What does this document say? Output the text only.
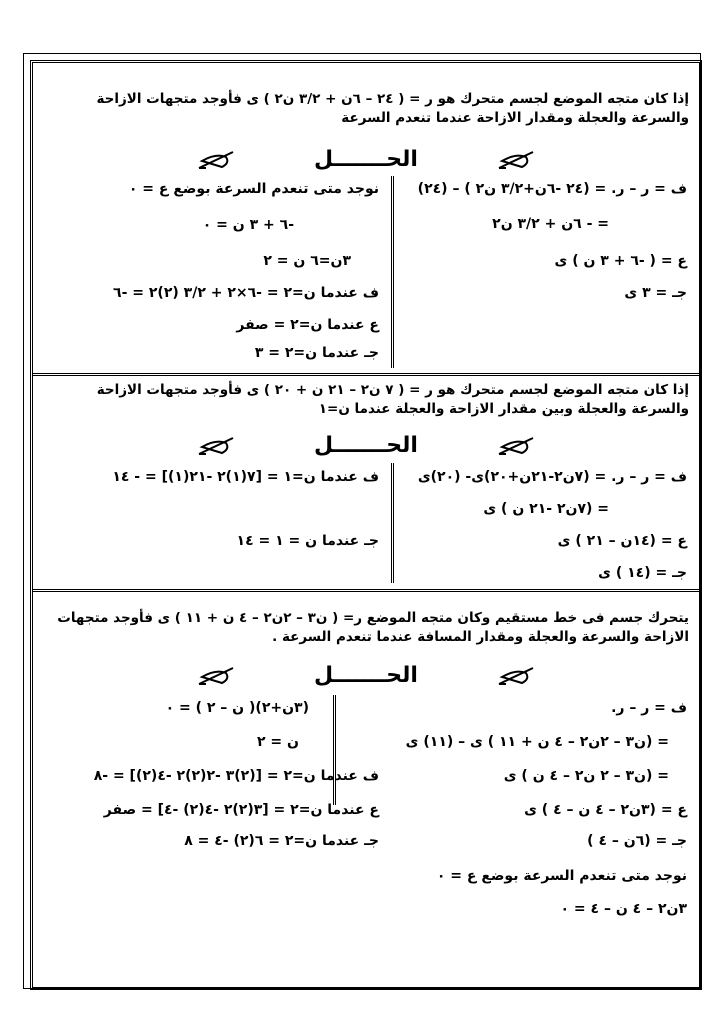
إذا كان متجه الموضع لجسم متحرك هو ر = ( ٢٤ – ٦ن + ٣/٢ ن٢ ) ى فأوجد متجهات الازاحة
والسرعة والعجلة ومقدار الازاحة عندما تنعدم السرعة
الحـــــــل
ف = ر – ر. = (٢٤ -٦ن+٣/٢ ن٢ ) – (٢٤)
= - ٦ن + ٣/٢ ن٢
ع = ( -٦ + ٣ ن ) ى
جـ = ٣ ى
نوجد متى تنعدم السرعة بوضع ع = ٠
-٦ + ٣ ن = ٠
٣ن=٦ ن = ٢
ف عندما ن=٢ = -٦×٢ + ٣/٢ (٢)٢ = -٦
ع عندما ن=٢ = صفر
جـ عندما ن=٢ = ٣
إذا كان متجه الموضع لجسم متحرك هو ر = ( ٧ ن٢ – ٢١ ن + ٢٠ ) ى فأوجد متجهات الازاحة
والسرعة والعجلة وبين مقدار الازاحة والعجلة عندما ن=١
الحـــــــل
ف = ر – ر. = (٧ن٢-٢١ن+٢٠)ى- (٢٠)ى
= (٧ن٢ -٢١ ن ) ى
ع = (١٤ن – ٢١ ) ى
جـ = (١٤ ) ى
ف عندما ن=١ = [٧(١)٢ -٢١(١)] = - ١٤
جـ عندما ن = ١ = ١٤
يتحرك جسم فى خط مستقيم وكان متجه الموضع ر= ( ن٣ – ٢ن٢ – ٤ ن + ١١ ) ى فأوجد متجهات
الازاحة والسرعة والعجلة ومقدار المسافة عندما تنعدم السرعة .
الحـــــــل
ف = ر – ر.
= (ن٣ – ٢ن٢ – ٤ ن + ١١ ) ى – (١١) ى
= (ن٣ – ٢ ن٢ – ٤ ن ) ى
ع = (٣ن٢ – ٤ ن – ٤ ) ى
جـ = (٦ن – ٤ )
نوجد متى تنعدم السرعة بوضع ع = ٠
٣ن٢ – ٤ ن – ٤ = ٠
(٣ن+٢)( ن – ٢ ) = ٠
ن = ٢
ف عندما ن=٢ = [(٢)٣ -٢(٢)٢ -٤(٢)] = -٨
ع عندما ن=٢ = [٣(٢)٢ -٤(٢) -٤] = صفر
جـ عندما ن=٢ = ٦(٢) -٤ = ٨
